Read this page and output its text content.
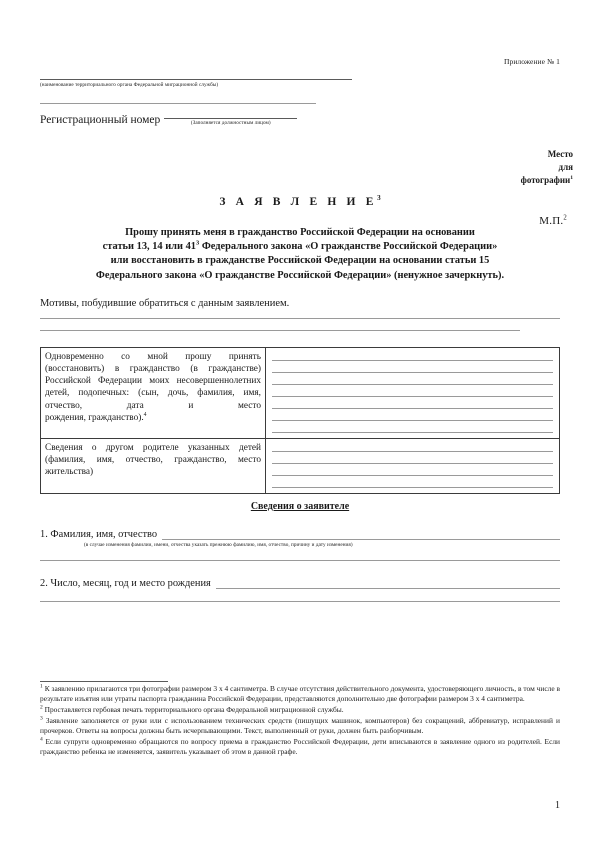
Приложение № 1
(наименование территориального органа Федеральной миграционной службы)
Регистрационный номер	(Заполняется должностным лицом)
Место
для
фотографии$^1$
М.П.$^2$
З А Я В Л Е Н И $Е^3$
Прошу принять меня в гражданство Российской Федерации на основании
статьи 13, 14 или $41^3$ Федерального закона «О гражданстве Российской Федерации»
или восстановить в гражданстве Российской Федерации на основании статьи 15
Федерального закона «О гражданстве Российской Федерации» (ненужное зачеркнуть).
Мотивы, побудившие обратиться с данным заявлением.
Одновременно со мной прошу принять (восстановить) в гражданство (в гражданстве) Российской Федерации моих несовершеннолетних детей, подопечных: (сын, дочь, фамилия, имя, отчество, дата и место
рождения, гражданство).$^4$

Сведения о другом родителе указанных детей (фамилия, имя, отчество, гражданство, место
жительства)	

Сведения о заявителе
1. Фамилия, имя, отчество
(в случае изменения фамилии, имени, отчества указать прежнюю фамилию, имя, отчество, причину и дату изменения)
2. Число, месяц, год и место рождения

$^1$ К заявлению прилагаются три фотографии размером 3 х 4 сантиметра. В случае отсутствия действительного документа, удостоверяющего личность, в том числе в результате изъятия или утраты паспорта гражданина Российской Федерации, представляются дополнительно две фотографии размером 3 х 4 сантиметра.

$^2$ Проставляется гербовая печать территориального органа Федеральной миграционной службы.

$^3$ Заявление заполняется от руки или с использованием технических средств (пишущих машинок, компьютеров) без сокращений, аббревиатур, исправлений и прочерков. Ответы на вопросы должны быть исчерпывающими. Текст, выполненный от руки, должен быть разборчивым.

$^4$ Если супруги одновременно обращаются по вопросу приема в гражданство Российской Федерации, дети вписываются в заявление одного из родителей. Если гражданство ребенка не изменяется, заявитель указывает об этом в данной графе.

1
